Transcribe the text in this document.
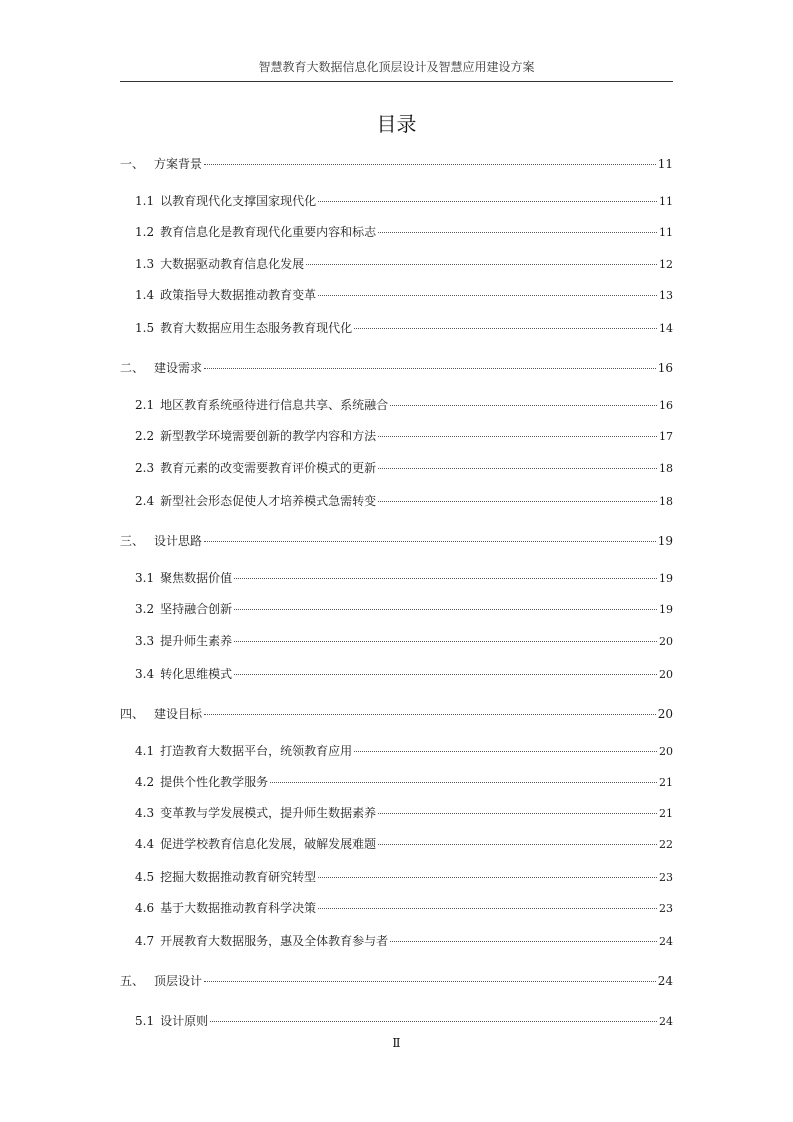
智慧教育大数据信息化顶层设计及智慧应用建设方案
目录
一、 方案背景	11
1.1 以教育现代化支撑国家现代化	11
1.2 教育信息化是教育现代化重要内容和标志	11
1.3 大数据驱动教育信息化发展	12
1.4 政策指导大数据推动教育变革	13
1.5 教育大数据应用生态服务教育现代化	14
二、 建设需求	16
2.1 地区教育系统亟待进行信息共享、系统融合	16
2.2 新型教学环境需要创新的教学内容和方法	17
2.3 教育元素的改变需要教育评价模式的更新	18
2.4 新型社会形态促使人才培养模式急需转变	18
三、 设计思路	19
3.1 聚焦数据价值	19
3.2 坚持融合创新	19
3.3 提升师生素养	20
3.4 转化思维模式	20
四、 建设目标	20
4.1 打造教育大数据平台，统领教育应用	20
4.2 提供个性化教学服务	21
4.3 变革教与学发展模式，提升师生数据素养	21
4.4 促进学校教育信息化发展，破解发展难题	22
4.5 挖掘大数据推动教育研究转型	23
4.6 基于大数据推动教育科学决策	23
4.7 开展教育大数据服务，惠及全体教育参与者	24
五、 顶层设计	24
5.1 设计原则	24
Ⅱ
